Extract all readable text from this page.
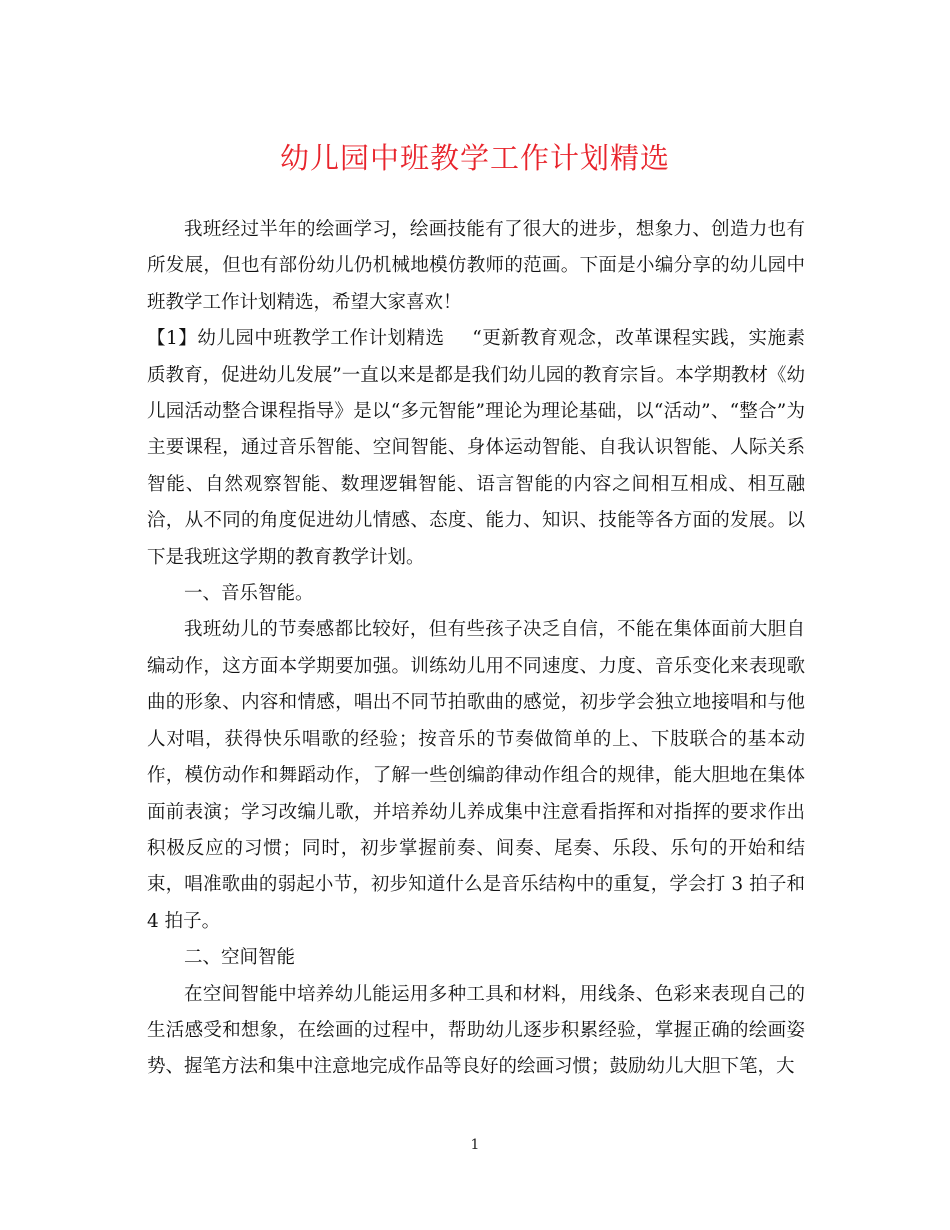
幼儿园中班教学工作计划精选

我班经过半年的绘画学习，绘画技能有了很大的进步，想象力、创造力也有所发展，但也有部份幼儿仍机械地模仿教师的范画。下面是小编分享的幼儿园中班教学工作计划精选，希望大家喜欢！

【1】幼儿园中班教学工作计划精选   “更新教育观念，改革课程实践，实施素质教育，促进幼儿发展”一直以来是都是我们幼儿园的教育宗旨。本学期教材《幼儿园活动整合课程指导》是以“多元智能”理论为理论基础，以“活动”、“整合”为主要课程，通过音乐智能、空间智能、身体运动智能、自我认识智能、人际关系智能、自然观察智能、数理逻辑智能、语言智能的内容之间相互相成、相互融洽，从不同的角度促进幼儿情感、态度、能力、知识、技能等各方面的发展。以下是我班这学期的教育教学计划。

一、音乐智能。

我班幼儿的节奏感都比较好，但有些孩子决乏自信，不能在集体面前大胆自编动作，这方面本学期要加强。训练幼儿用不同速度、力度、音乐变化来表现歌曲的形象、内容和情感，唱出不同节拍歌曲的感觉，初步学会独立地接唱和与他人对唱，获得快乐唱歌的经验；按音乐的节奏做简单的上、下肢联合的基本动作，模仿动作和舞蹈动作，了解一些创编韵律动作组合的规律，能大胆地在集体面前表演；学习改编儿歌，并培养幼儿养成集中注意看指挥和对指挥的要求作出积极反应的习惯；同时，初步掌握前奏、间奏、尾奏、乐段、乐句的开始和结束，唱准歌曲的弱起小节，初步知道什么是音乐结构中的重复，学会打 3 拍子和 4 拍子。

二、空间智能

在空间智能中培养幼儿能运用多种工具和材料，用线条、色彩来表现自己的生活感受和想象，在绘画的过程中，帮助幼儿逐步积累经验，掌握正确的绘画姿势、握笔方法和集中注意地完成作品等良好的绘画习惯；鼓励幼儿大胆下笔，大

1
